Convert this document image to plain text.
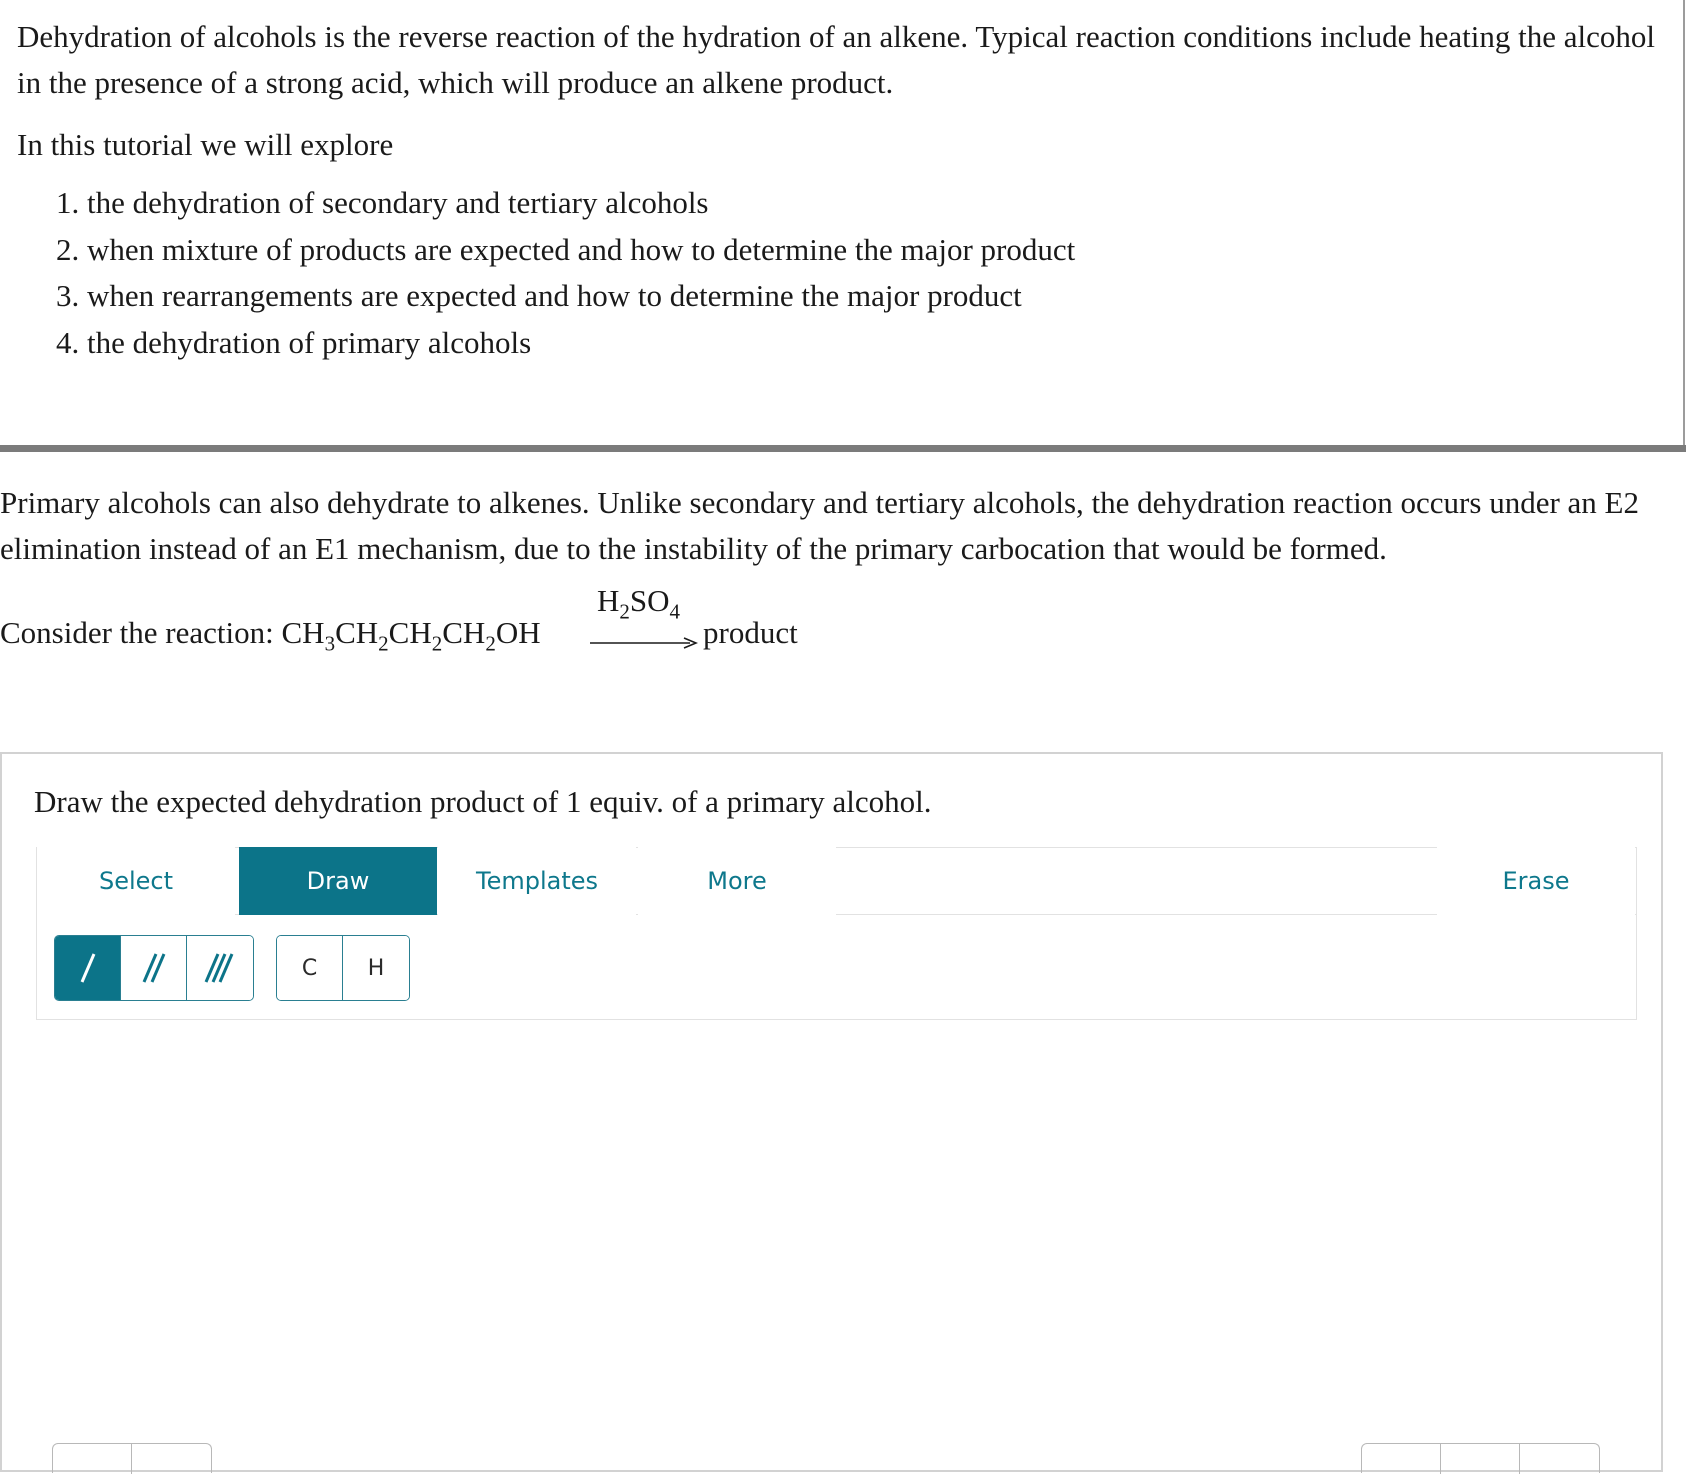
Dehydration of alcohols is the reverse reaction of the hydration of an alkene. Typical reaction conditions include heating the alcohol in the presence of a strong acid, which will produce an alkene product.

In this tutorial we will explore

1. the dehydration of secondary and tertiary alcohols
2. when mixture of products are expected and how to determine the major product
3. when rearrangements are expected and how to determine the major product
4. the dehydration of primary alcohols

Primary alcohols can also dehydrate to alkenes. Unlike secondary and tertiary alcohols, the dehydration reaction occurs under an E2 elimination instead of an E1 mechanism, due to the instability of the primary carbocation that would be formed.

Consider the reaction: $CH_3CH_2CH_2CH_2OH$
$H_2SO_4$
→ product
Draw the expected dehydration product of 1 equiv. of a primary alcohol.
Select	Draw	Templates	More	Erase
C	H
